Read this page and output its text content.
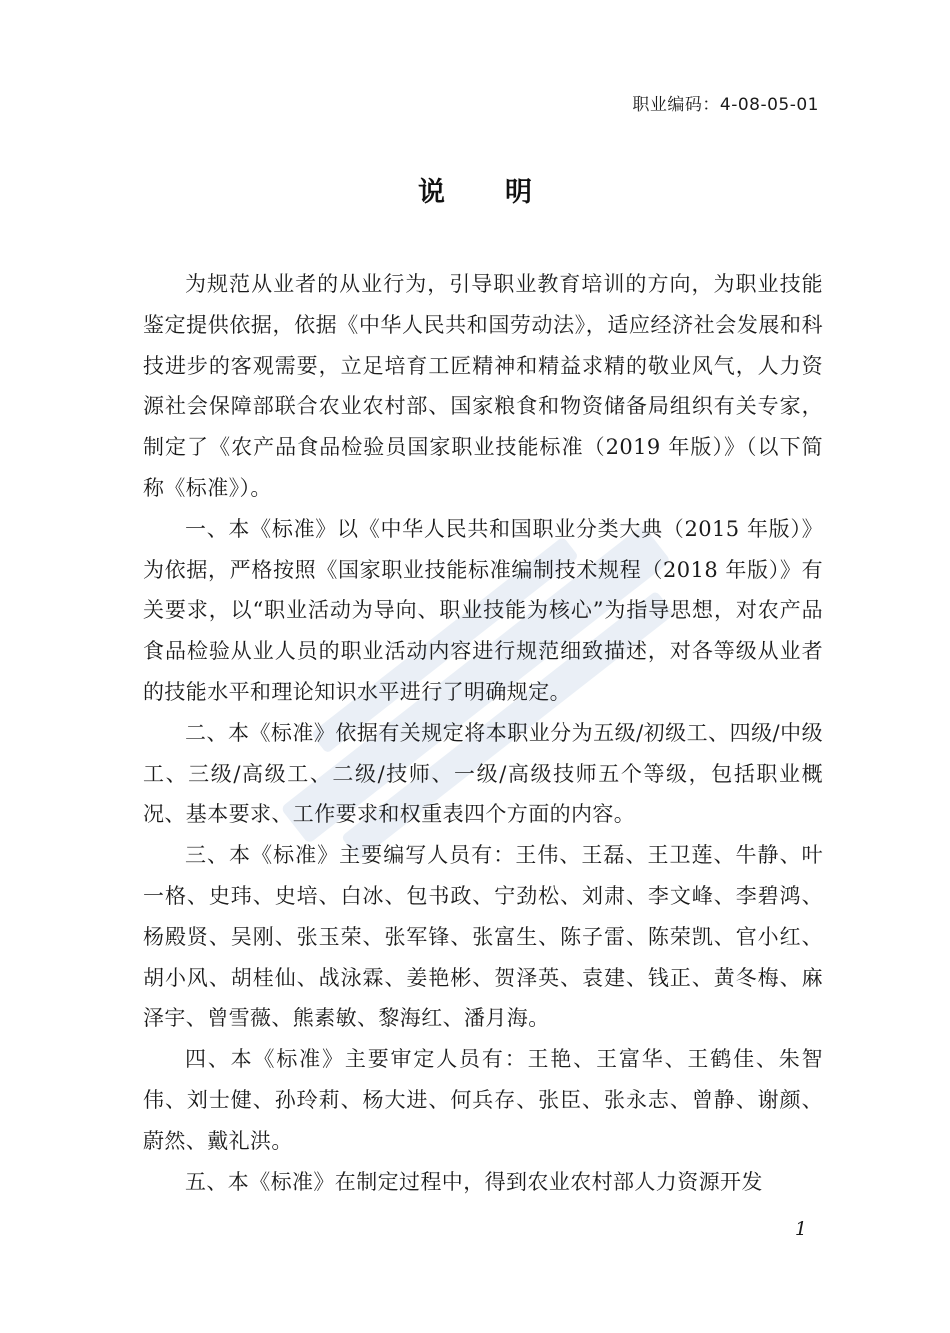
职业编码：4-08-05-01
说明

为规范从业者的从业行为，引导职业教育培训的方向，为职业技能鉴定提供依据，依据《中华人民共和国劳动法》，适应经济社会发展和科技进步的客观需要，立足培育工匠精神和精益求精的敬业风气，人力资源社会保障部联合农业农村部、国家粮食和物资储备局组织有关专家，制定了《农产品食品检验员国家职业技能标准（2019 年版）》（以下简称《标准》）。

一、本《标准》以《中华人民共和国职业分类大典（2015 年版）》为依据，严格按照《国家职业技能标准编制技术规程（2018 年版）》有关要求，以“职业活动为导向、职业技能为核心”为指导思想，对农产品食品检验从业人员的职业活动内容进行规范细致描述，对各等级从业者的技能水平和理论知识水平进行了明确规定。

二、本《标准》依据有关规定将本职业分为五级/初级工、四级/中级工、三级/高级工、二级/技师、一级/高级技师五个等级，包括职业概况、基本要求、工作要求和权重表四个方面的内容。

三、本《标准》主要编写人员有：王伟、王磊、王卫莲、牛静、叶一格、史玮、史培、白冰、包书政、宁劲松、刘肃、李文峰、李碧鸿、杨殿贤、吴刚、张玉荣、张军锋、张富生、陈子雷、陈荣凯、官小红、胡小风、胡桂仙、战泳霖、姜艳彬、贺泽英、袁建、钱正、黄冬梅、麻泽宇、曾雪薇、熊素敏、黎海红、潘月海。

四、本《标准》主要审定人员有：王艳、王富华、王鹤佳、朱智伟、刘士健、孙玲莉、杨大进、何兵存、张臣、张永志、曾静、谢颜、蔚然、戴礼洪。

五、本《标准》在制定过程中，得到农业农村部人力资源开发

1
